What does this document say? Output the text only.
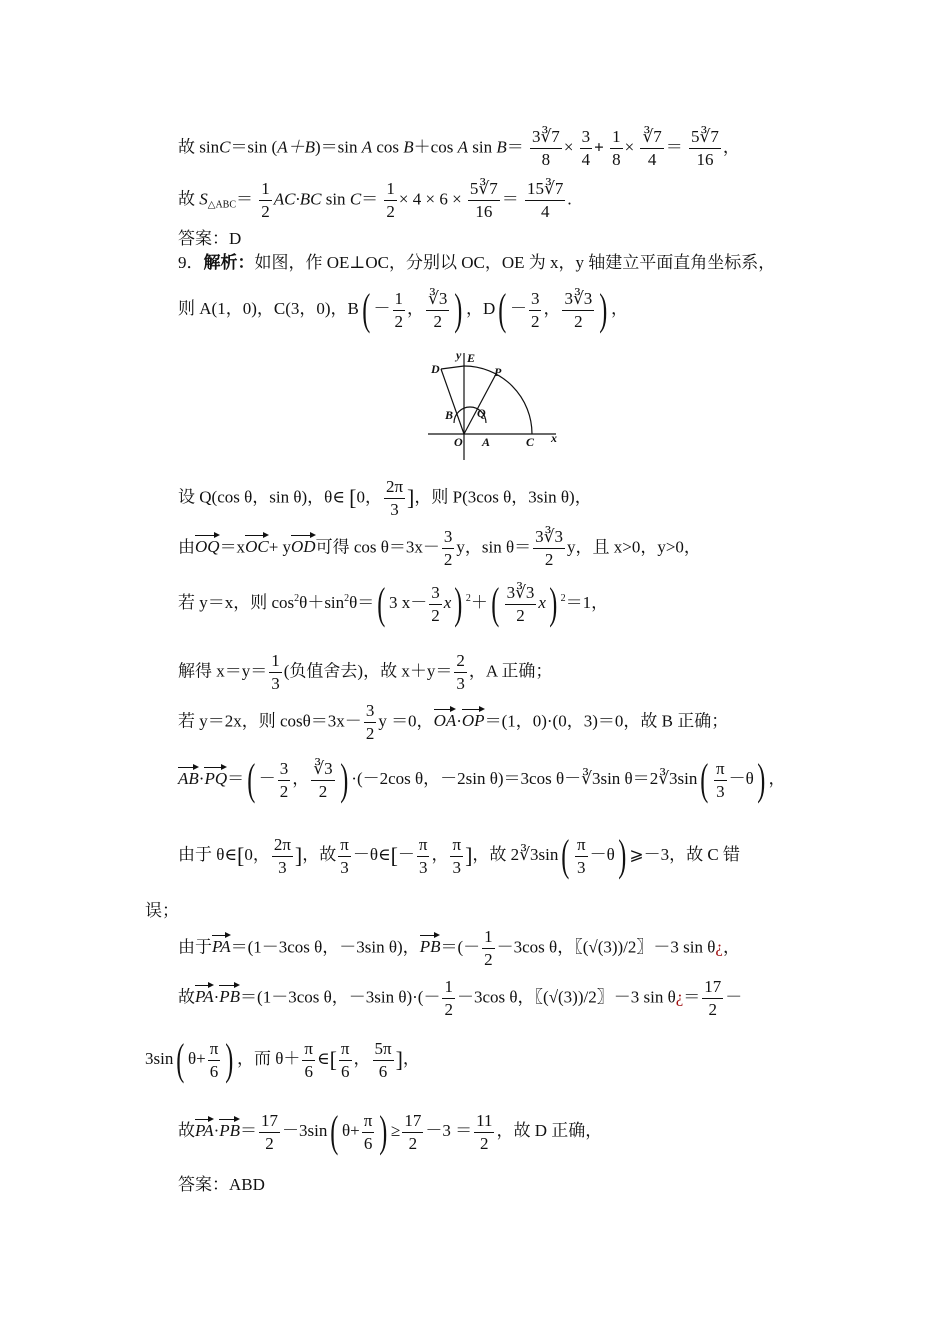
故 sinC＝sin (A＋B)＝sin A cos B＋cos A $\sin B= \frac{3∛7}{8} \times \frac{3}{4} + \frac{1}{8} \times \frac{∛7}{4} = \frac{5∛7}{16}$ ，
故 $S_{\triangle ABC}= \frac{1}{2} AC\cdot BC$ $\sin C= \frac{1}{2} \times 4 \times 6 \times \frac{5∛7}{16} = \frac{15∛7}{4}$ .
答案：D
9．解析：如图，作 OE⊥OC，分别以 OC，OE 为 x，y 轴建立平面直角坐标系，
则 A(1，0)，C(3，0)，$B( - \frac{1}{2}$ ， $\frac{∛3}{2}$ ) ，$D( - \frac{3}{2}$ ， $\frac{3∛3}{2}$ ) ，
y E
D	P
B Q
O A	C x
设 Q(cos θ，sin θ)，θ∈ [0， $\frac{2\pi}{3}$ ]，则 P(3cos θ，3sin θ)，
由OQ＝xOC+ yOD可得 $\cos \theta=3x- \frac{3}{2}$ y，$\sin \theta= \frac{3∛3}{2}$ y，且 x>0，y>0，
若 y＝x，则 $\cos^2\theta+\sin^2\theta=$( 3 $x- \frac{3}{2} x$) $^2+( \frac{3∛3}{2} x)$ $^2$＝1，
解得 $x=y= \frac{1}{3}$ (负值舍去)，故 $x+y= \frac{2}{3}$ ，A 正确；
若 y＝2x，则 $\cos\theta=3x- \frac{3}{2}$ y ＝0，OA·OP＝(1，0)·(0，3)＝0，故 B 正确；
$AB\cdot PQ=( - \frac{3}{2}$ ， $\frac{∛3}{2}$ ) ·(－2cos θ，－2sin θ)＝3cos θ－∛3sin θ＝2∛3sin( $\frac{\pi}{3} -\theta$) ，
由于 θ∈[0， $\frac{2\pi}{3}$ ]，故 $\frac{\pi}{3}$ －θ∈[－ $\frac{\pi}{3}$ ， $\frac{\pi}{3}$ ]，故 2∛3sin( $\frac{\pi}{3} -\theta$) ⩾－3，故 C 错
误；
由于PA＝(1－3cos θ，－3sin θ)，$PB=(- \frac{1}{2} -3\cos$ θ，〖(√(3))/2〗－3 sin θ¿，
故PA·PB＝(1－3cos θ，－3sin $\theta)\cdot(- \frac{1}{2} -3\cos$ θ，〖(√(3))/2〗－3 sin θ¿＝ $\frac{17}{2}$ －
3sin( $\theta+ \frac{\pi}{6}$ ) ，而 $\theta+ \frac{\pi}{6}$ ∈[ $\frac{\pi}{6}$ ， $\frac{5\pi}{6}$ ]，
故$PA\cdot PB= \frac{17}{2} -3\sin$( $\theta+ \frac{\pi}{6}$ ) ≥ $\frac{17}{2} -3 = \frac{11}{2}$ ，故 D 正确，
答案：ABD
